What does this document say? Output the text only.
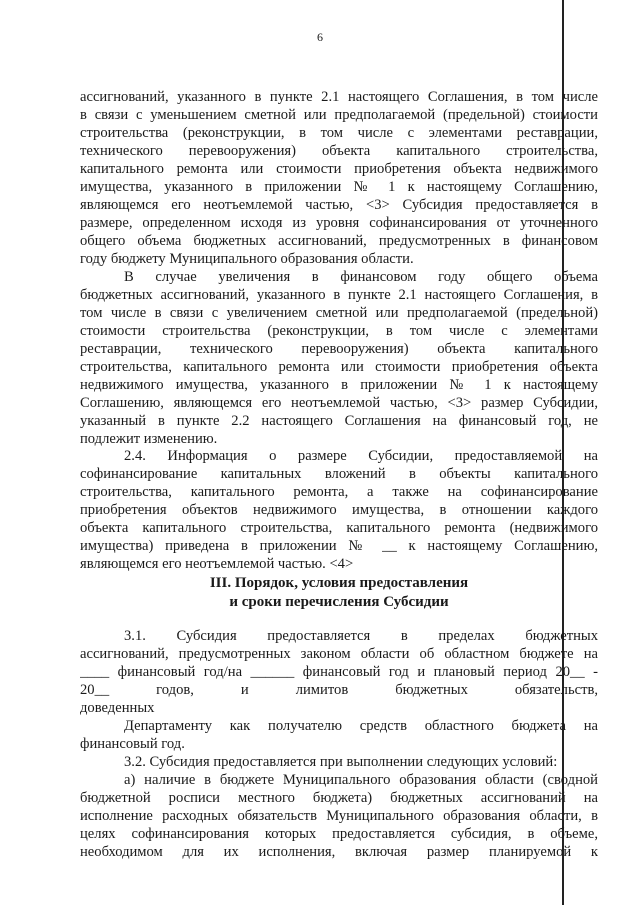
6
ассигнований, указанного в пункте 2.1 настоящего Соглашения, в том числе
в связи с уменьшением сметной или предполагаемой (предельной) стоимости
строительства (реконструкции, в том числе с элементами реставрации,
технического перевооружения) объекта капитального строительства,
капитального ремонта или стоимости приобретения объекта недвижимого
имущества, указанного в приложении № 1 к настоящему Соглашению,
являющемся его неотъемлемой частью, <3> Субсидия предоставляется в
размере, определенном исходя из уровня софинансирования от уточненного
общего объема бюджетных ассигнований, предусмотренных в финансовом
году бюджету Муниципального образования области.
В случае увеличения в финансовом году общего объема
бюджетных ассигнований, указанного в пункте 2.1 настоящего Соглашения, в
том числе в связи с увеличением сметной или предполагаемой (предельной)
стоимости строительства (реконструкции, в том числе с элементами
реставрации, технического перевооружения) объекта капитального
строительства, капитального ремонта или стоимости приобретения объекта
недвижимого имущества, указанного в приложении № 1 к настоящему
Соглашению, являющемся его неотъемлемой частью, <3> размер Субсидии,
указанный в пункте 2.2 настоящего Соглашения на финансовый год, не
подлежит изменению.
2.4. Информация о размере Субсидии, предоставляемой на
софинансирование капитальных вложений в объекты капитального
строительства, капитального ремонта, а также на софинансирование
приобретения объектов недвижимого имущества, в отношении каждого
объекта капитального строительства, капитального ремонта (недвижимого
имущества) приведена в приложении № __ к настоящему Соглашению,
являющемся его неотъемлемой частью. <4>
III. Порядок, условия предоставления
и сроки перечисления Субсидии
3.1. Субсидия предоставляется в пределах бюджетных
ассигнований, предусмотренных законом области об областном бюджете на
____ финансовый год/на ______ финансовый год и плановый период 20__ -
20__ годов, и лимитов бюджетных обязательств,
доведенных
Департаменту как получателю средств областного бюджета на
финансовый год.
3.2. Субсидия предоставляется при выполнении следующих условий:
а) наличие в бюджете Муниципального образования области (сводной
бюджетной росписи местного бюджета) бюджетных ассигнований на
исполнение расходных обязательств Муниципального образования области, в
целях софинансирования которых предоставляется субсидия, в объеме,
необходимом для их исполнения, включая размер планируемой к
